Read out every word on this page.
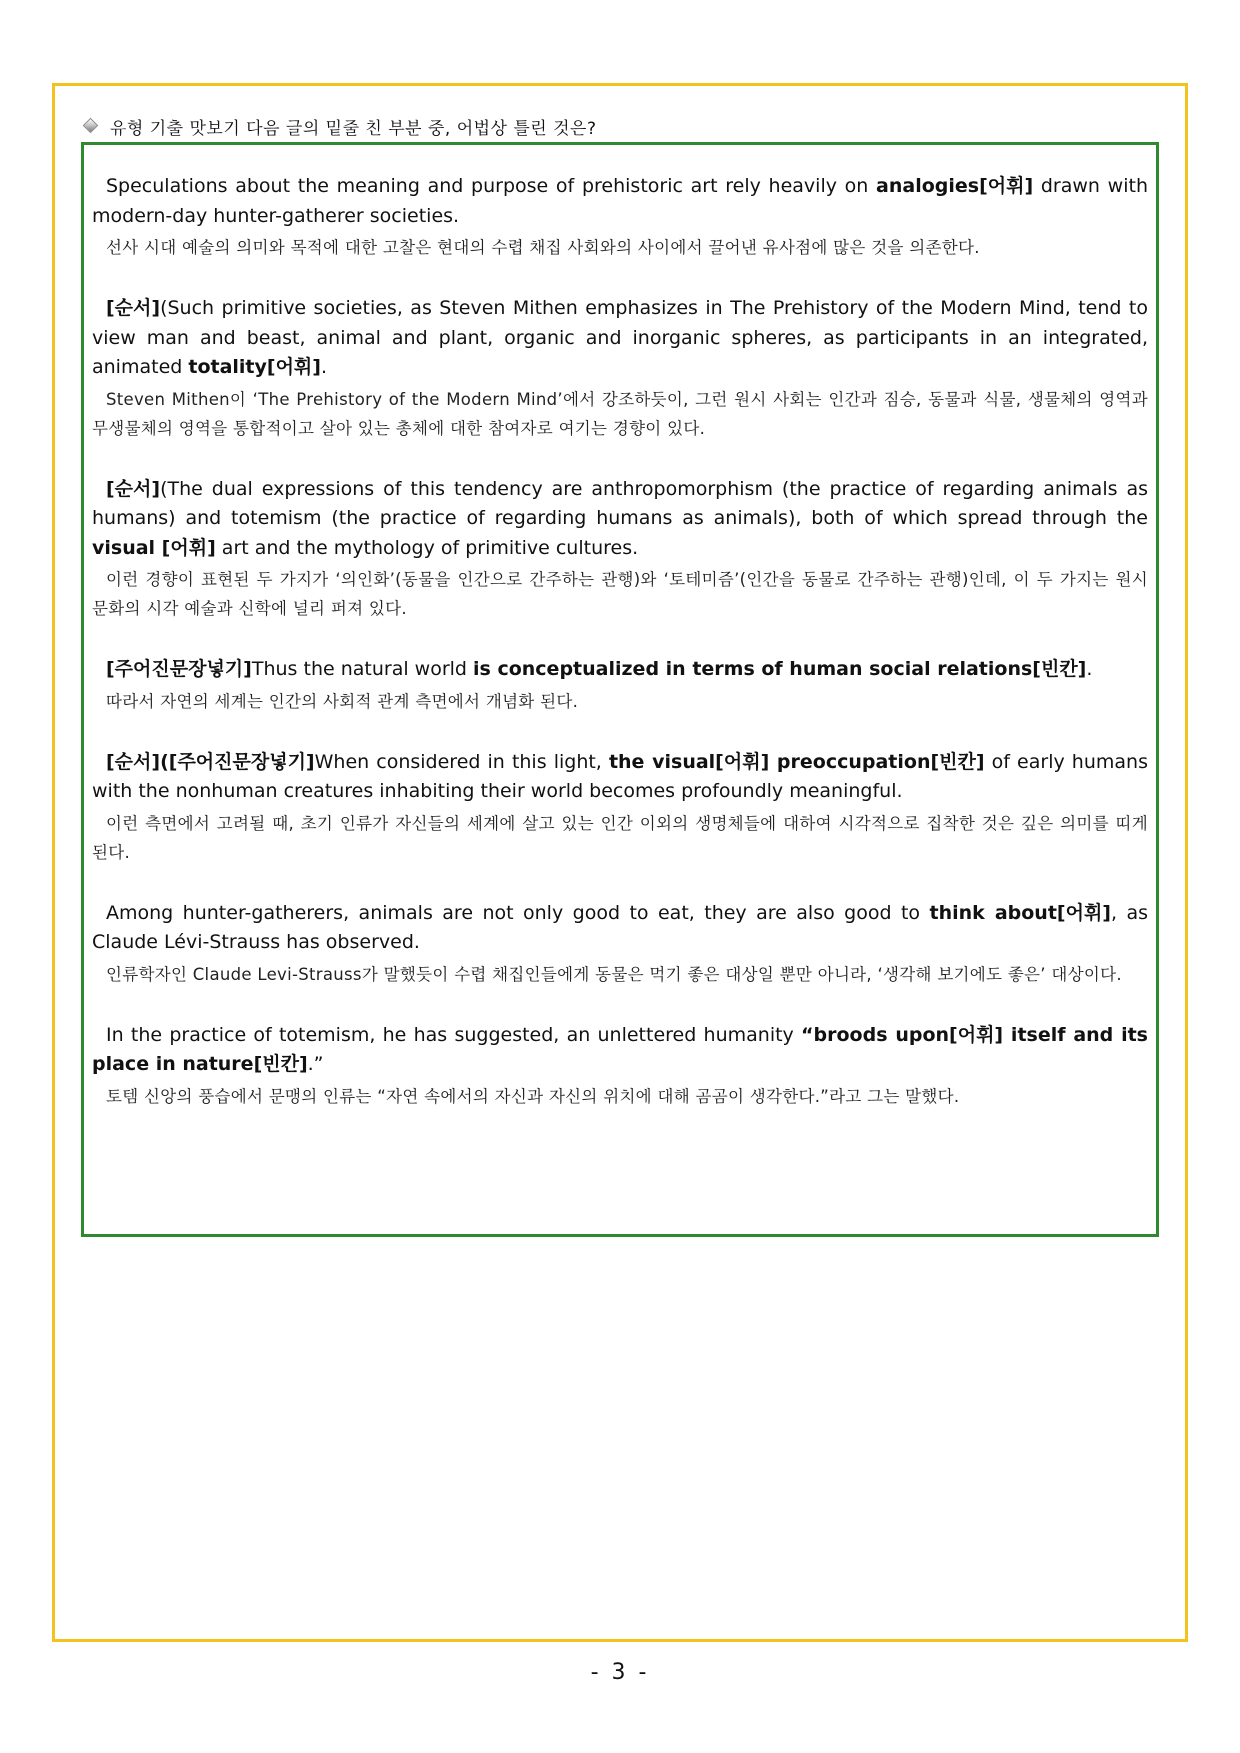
유형 기출 맛보기 다음 글의 밑줄 친 부분 중, 어법상 틀린 것은?

Speculations about the meaning and purpose of prehistoric art rely heavily on analogies[어휘] drawn with modern-day hunter-gatherer societies.

선사 시대 예술의 의미와 목적에 대한 고찰은 현대의 수렵 채집 사회와의 사이에서 끌어낸 유사점에 많은 것을 의존한다.

[순서](Such primitive societies, as Steven Mithen emphasizes in The Prehistory of the Modern Mind, tend to view man and beast, animal and plant, organic and inorganic spheres, as participants in an integrated, animated totality[어휘].

Steven Mithen이 ‘The Prehistory of the Modern Mind’에서 강조하듯이, 그런 원시 사회는 인간과 짐승, 동물과 식물, 생물체의 영역과 무생물체의 영역을 통합적이고 살아 있는 총체에 대한 참여자로 여기는 경향이 있다.

[순서](The dual expressions of this tendency are anthropomorphism (the practice of regarding animals as humans) and totemism (the practice of regarding humans as animals), both of which spread through the visual [어휘] art and the mythology of primitive cultures.

이런 경향이 표현된 두 가지가 ‘의인화’(동물을 인간으로 간주하는 관행)와 ‘토테미즘’(인간을 동물로 간주하는 관행)인데, 이 두 가지는 원시 문화의 시각 예술과 신학에 널리 퍼져 있다.

[주어진문장넣기]Thus the natural world is conceptualized in terms of human social relations[빈칸].

따라서 자연의 세계는 인간의 사회적 관계 측면에서 개념화 된다.

[순서]([주어진문장넣기]When considered in this light, the visual[어휘] preoccupation[빈칸] of early humans with the nonhuman creatures inhabiting their world becomes profoundly meaningful.

이런 측면에서 고려될 때, 초기 인류가 자신들의 세계에 살고 있는 인간 이외의 생명체들에 대하여 시각적으로 집착한 것은 깊은 의미를 띠게 된다.

Among hunter-gatherers, animals are not only good to eat, they are also good to think about[어휘], as Claude Lévi-Strauss has observed.

인류학자인 Claude Levi-Strauss가 말했듯이 수렵 채집인들에게 동물은 먹기 좋은 대상일 뿐만 아니라, ‘생각해 보기에도 좋은’ 대상이다.

In the practice of totemism, he has suggested, an unlettered humanity “broods upon[어휘] itself and its place in nature[빈칸].”

토템 신앙의 풍습에서 문맹의 인류는 “자연 속에서의 자신과 자신의 위치에 대해 곰곰이 생각한다.”라고 그는 말했다.

- 3 -
